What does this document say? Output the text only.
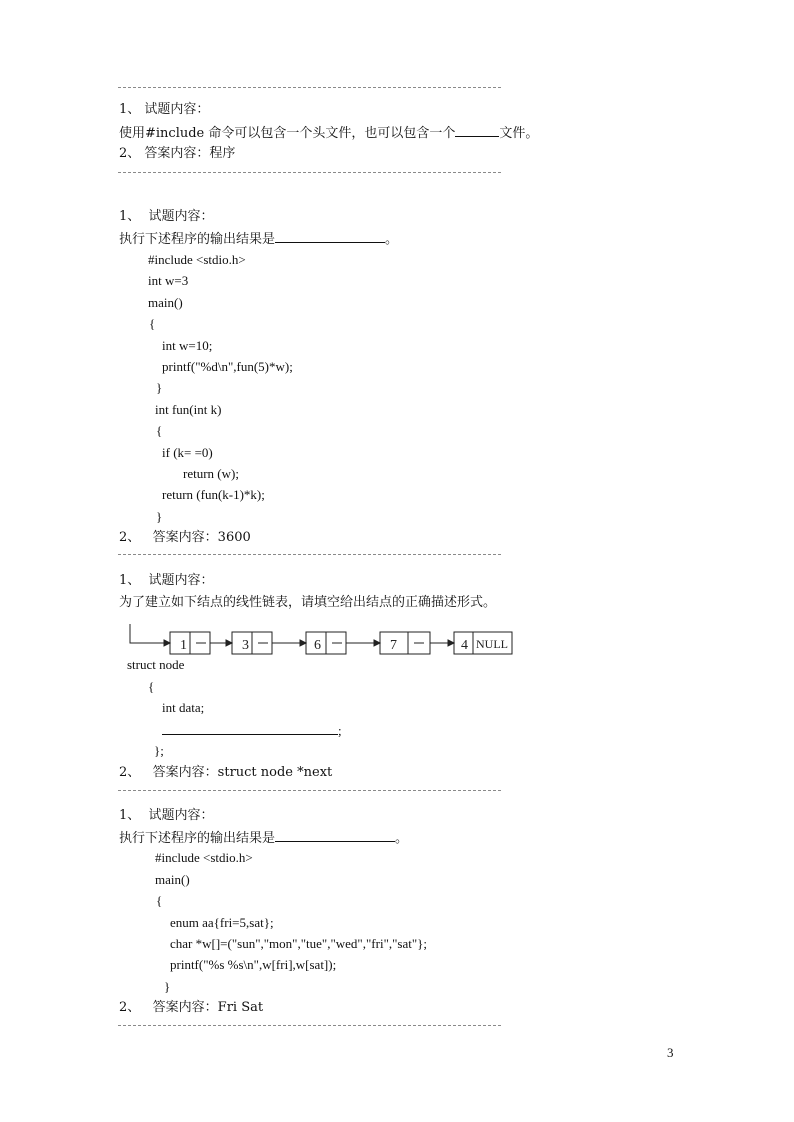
1、 试题内容：
使用#include 命令可以包含一个头文件，也可以包含一个	文件。
2、 答案内容：程序
1、  试题内容：
执行下述程序的输出结果是	。
#include <stdio.h>
int w=3
main()
{
int w=10;
printf("%d\n",fun(5)*w);
}
int fun(int k)
{
if (k= =0)
return (w);
return (fun(k-1)*k);
}
2、   答案内容：3600
1、  试题内容：
为了建立如下结点的线性链表，请填空给出结点的正确描述形式。
1	3	6	7	4 NULL
struct node
{
int data;
;
};
2、   答案内容：struct node *next
1、  试题内容：
执行下述程序的输出结果是	。
#include <stdio.h>
main()
{
enum aa{fri=5,sat};
char *w[]=("sun","mon","tue","wed","fri","sat"};
printf("%s %s\n",w[fri],w[sat]);
}
2、   答案内容：Fri Sat
3
